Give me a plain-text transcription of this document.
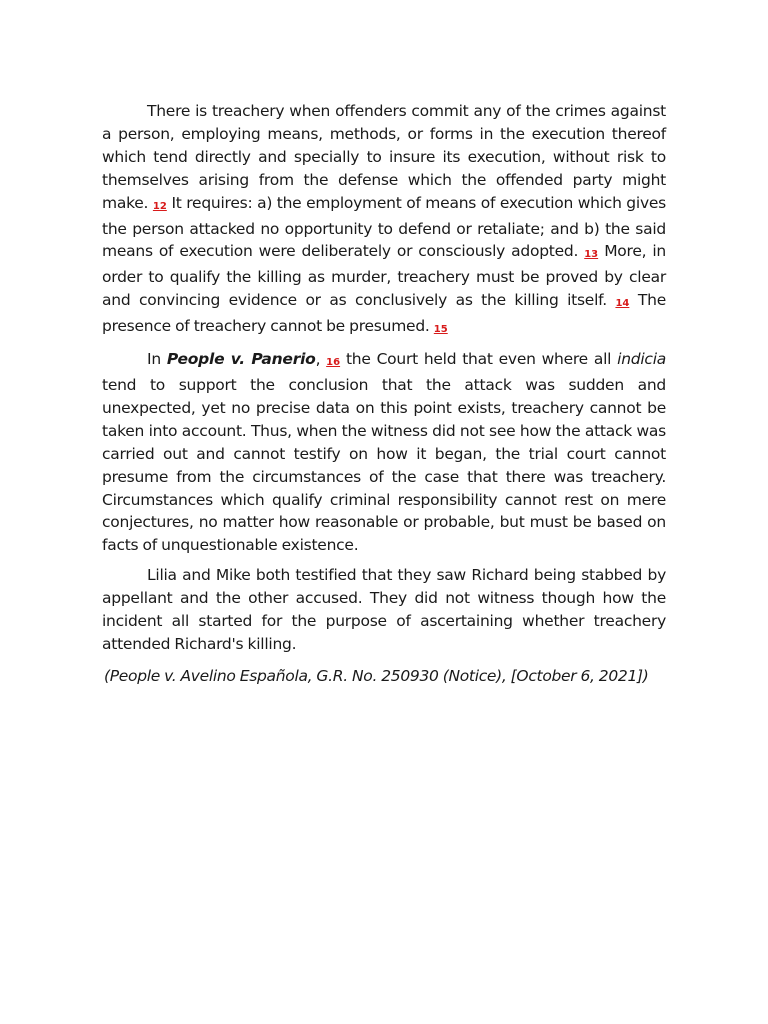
There is treachery when offenders commit any of the crimes against a person, employing means, methods, or forms in the execution thereof which tend directly and specially to insure its execution, without risk to themselves arising from the defense which the offended party might make. 12 It requires: a) the employment of means of execution which gives the person attacked no opportunity to defend or retaliate; and b) the said means of execution were deliberately or consciously adopted. 13 More, in order to qualify the killing as murder, treachery must be proved by clear and convincing evidence or as conclusively as the killing itself. 14 The presence of treachery cannot be presumed. 15

In People v. Panerio, 16 the Court held that even where all indicia tend to support the conclusion that the attack was sudden and unexpected, yet no precise data on this point exists, treachery cannot be taken into account. Thus, when the witness did not see how the attack was carried out and cannot testify on how it began, the trial court cannot presume from the circumstances of the case that there was treachery. Circumstances which qualify criminal responsibility cannot rest on mere conjectures, no matter how reasonable or probable, but must be based on facts of unquestionable existence.

Lilia and Mike both testified that they saw Richard being stabbed by appellant and the other accused. They did not witness though how the incident all started for the purpose of ascertaining whether treachery attended Richard's killing.

(People v. Avelino Española, G.R. No. 250930 (Notice), [October 6, 2021])
